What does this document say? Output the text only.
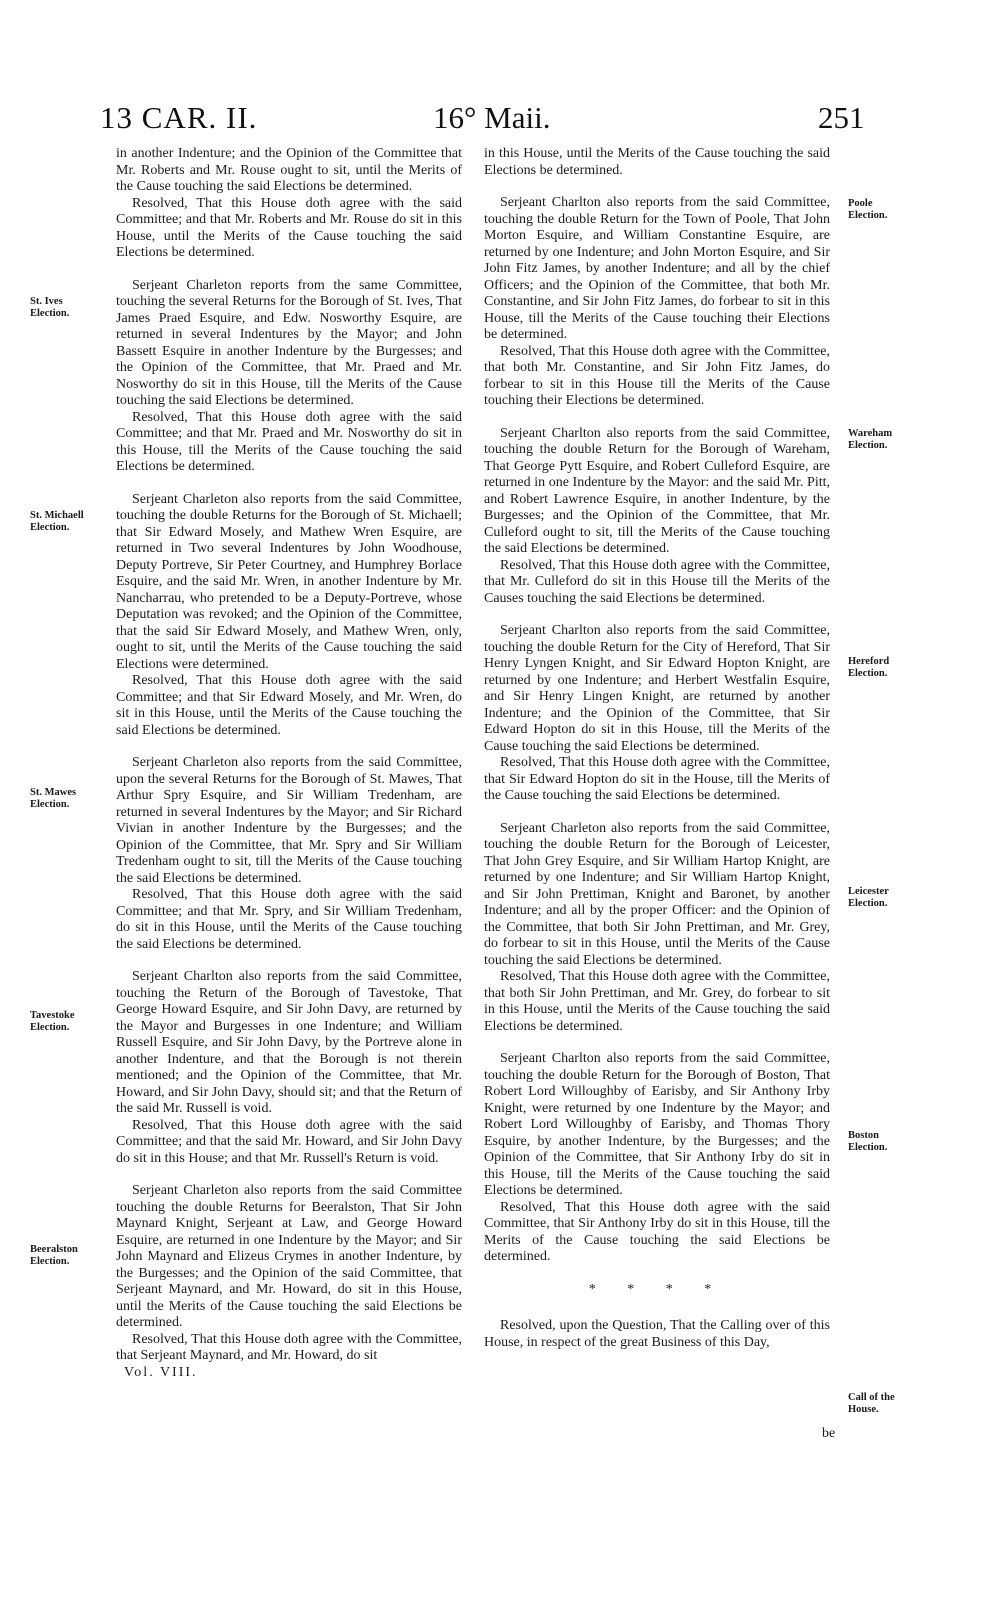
13 CAR. II.	16° Maii.	251
St. Ives
Election.
St. Michaell
Election.
St. Mawes
Election.
Tavestoke
Election.
Beeralston
Election.
Poole
Election.
Wareham
Election.
Hereford
Election.
Leicester
Election.
Boston
Election.
Call of the
House.

in another Indenture; and the Opinion of the Committee that Mr. Roberts and Mr. Rouse ought to sit, until the Merits of the Cause touching the said Elections be determined.

Resolved, That this House doth agree with the said Committee; and that Mr. Roberts and Mr. Rouse do sit in this House, until the Merits of the Cause touching the said Elections be determined.

Serjeant Charleton reports from the same Committee, touching the several Returns for the Borough of St. Ives, That James Praed Esquire, and Edw. Nosworthy Esquire, are returned in several Indentures by the Mayor; and John Bassett Esquire in another Indenture by the Burgesses; and the Opinion of the Committee, that Mr. Praed and Mr. Nosworthy do sit in this House, till the Merits of the Cause touching the said Elections be determined.

Resolved, That this House doth agree with the said Committee; and that Mr. Praed and Mr. Nosworthy do sit in this House, till the Merits of the Cause touching the said Elections be determined.

Serjeant Charleton also reports from the said Committee, touching the double Returns for the Borough of St. Michaell; that Sir Edward Mosely, and Mathew Wren Esquire, are returned in Two several Indentures by John Woodhouse, Deputy Portreve, Sir Peter Courtney, and Humphrey Borlace Esquire, and the said Mr. Wren, in another Indenture by Mr. Nancharrau, who pretended to be a Deputy-Portreve, whose Deputation was revoked; and the Opinion of the Committee, that the said Sir Edward Mosely, and Mathew Wren, only, ought to sit, until the Merits of the Cause touching the said Elections were determined.

Resolved, That this House doth agree with the said Committee; and that Sir Edward Mosely, and Mr. Wren, do sit in this House, until the Merits of the Cause touching the said Elections be determined.

Serjeant Charleton also reports from the said Committee, upon the several Returns for the Borough of St. Mawes, That Arthur Spry Esquire, and Sir William Tredenham, are returned in several Indentures by the Mayor; and Sir Richard Vivian in another Indenture by the Burgesses; and the Opinion of the Committee, that Mr. Spry and Sir William Tredenham ought to sit, till the Merits of the Cause touching the said Elections be determined.

Resolved, That this House doth agree with the said Committee; and that Mr. Spry, and Sir William Tredenham, do sit in this House, until the Merits of the Cause touching the said Elections be determined.

Serjeant Charlton also reports from the said Committee, touching the Return of the Borough of Tavestoke, That George Howard Esquire, and Sir John Davy, are returned by the Mayor and Burgesses in one Indenture; and William Russell Esquire, and Sir John Davy, by the Portreve alone in another Indenture, and that the Borough is not therein mentioned; and the Opinion of the Committee, that Mr. Howard, and Sir John Davy, should sit; and that the Return of the said Mr. Russell is void.

Resolved, That this House doth agree with the said Committee; and that the said Mr. Howard, and Sir John Davy do sit in this House; and that Mr. Russell's Return is void.

Serjeant Charleton also reports from the said Committee touching the double Returns for Beeralston, That Sir John Maynard Knight, Serjeant at Law, and George Howard Esquire, are returned in one Indenture by the Mayor; and Sir John Maynard and Elizeus Crymes in another Indenture, by the Burgesses; and the Opinion of the said Committee, that Serjeant Maynard, and Mr. Howard, do sit in this House, until the Merits of the Cause touching the said Elections be determined.

Resolved, That this House doth agree with the Committee, that Serjeant Maynard, and Mr. Howard, do sit

Vol. VIII.

in this House, until the Merits of the Cause touching the said Elections be determined.

Serjeant Charlton also reports from the said Committee, touching the double Return for the Town of Poole, That John Morton Esquire, and William Constantine Esquire, are returned by one Indenture; and John Morton Esquire, and Sir John Fitz James, by another Indenture; and all by the chief Officers; and the Opinion of the Committee, that both Mr. Constantine, and Sir John Fitz James, do forbear to sit in this House, till the Merits of the Cause touching their Elections be determined.

Resolved, That this House doth agree with the Committee, that both Mr. Constantine, and Sir John Fitz James, do forbear to sit in this House till the Merits of the Cause touching their Elections be determined.

Serjeant Charlton also reports from the said Committee, touching the double Return for the Borough of Wareham, That George Pytt Esquire, and Robert Culleford Esquire, are returned in one Indenture by the Mayor: and the said Mr. Pitt, and Robert Lawrence Esquire, in another Indenture, by the Burgesses; and the Opinion of the Committee, that Mr. Culleford ought to sit, till the Merits of the Cause touching the said Elections be determined.

Resolved, That this House doth agree with the Committee, that Mr. Culleford do sit in this House till the Merits of the Causes touching the said Elections be determined.

Serjeant Charlton also reports from the said Committee, touching the double Return for the City of Hereford, That Sir Henry Lyngen Knight, and Sir Edward Hopton Knight, are returned by one Indenture; and Herbert Westfalin Esquire, and Sir Henry Lingen Knight, are returned by another Indenture; and the Opinion of the Committee, that Sir Edward Hopton do sit in this House, till the Merits of the Cause touching the said Elections be determined.

Resolved, That this House doth agree with the Committee, that Sir Edward Hopton do sit in the House, till the Merits of the Cause touching the said Elections be determined.

Serjeant Charleton also reports from the said Committee, touching the double Return for the Borough of Leicester, That John Grey Esquire, and Sir William Hartop Knight, are returned by one Indenture; and Sir William Hartop Knight, and Sir John Prettiman, Knight and Baronet, by another Indenture; and all by the proper Officer: and the Opinion of the Committee, that both Sir John Prettiman, and Mr. Grey, do forbear to sit in this House, until the Merits of the Cause touching the said Elections be determined.

Resolved, That this House doth agree with the Committee, that both Sir John Prettiman, and Mr. Grey, do forbear to sit in this House, until the Merits of the Cause touching the said Elections be determined.

Serjeant Charlton also reports from the said Committee, touching the double Return for the Borough of Boston, That Robert Lord Willoughby of Earisby, and Sir Anthony Irby Knight, were returned by one Indenture by the Mayor; and Robert Lord Willoughby of Earisby, and Thomas Thory Esquire, by another Indenture, by the Burgesses; and the Opinion of the Committee, that Sir Anthony Irby do sit in this House, till the Merits of the Cause touching the said Elections be determined.

Resolved, That this House doth agree with the said Committee, that Sir Anthony Irby do sit in this House, till the Merits of the Cause touching the said Elections be determined.

* * * *

Resolved, upon the Question, That the Calling over of this House, in respect of the great Business of this Day,

be
